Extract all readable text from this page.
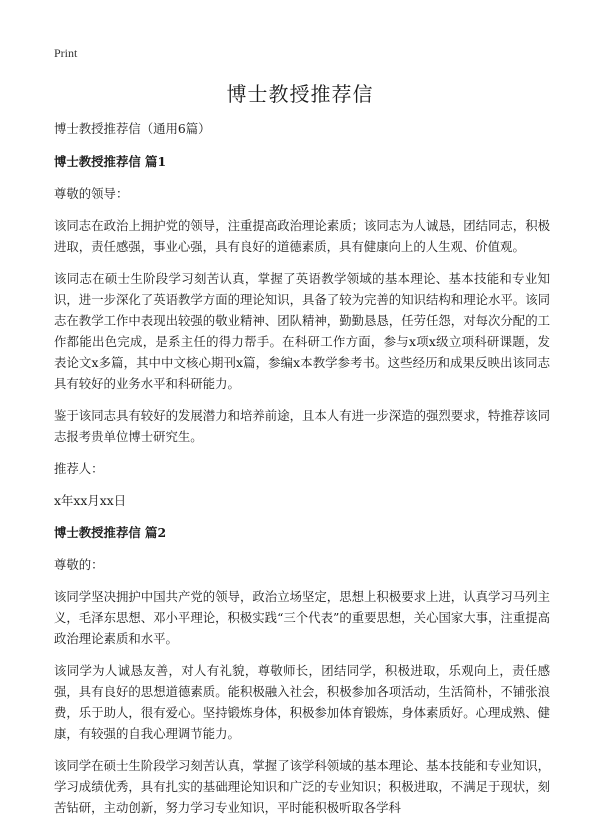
Print
博士教授推荐信

博士教授推荐信（通用6篇）

博士教授推荐信 篇1

尊敬的领导：

该同志在政治上拥护党的领导，注重提高政治理论素质；该同志为人诚恳，团结同志，积极进取，责任感强，事业心强，具有良好的道德素质，具有健康向上的人生观、价值观。

该同志在硕士生阶段学习刻苦认真，掌握了英语教学领域的基本理论、基本技能和专业知识，进一步深化了英语教学方面的理论知识，具备了较为完善的知识结构和理论水平。该同志在教学工作中表现出较强的敬业精神、团队精神，勤勤恳恳，任劳任怨，对每次分配的工作都能出色完成，是系主任的得力帮手。在科研工作方面，参与x项x级立项科研课题，发表论文x多篇，其中中文核心期刊x篇，参编x本教学参考书。这些经历和成果反映出该同志具有较好的业务水平和科研能力。

鉴于该同志具有较好的发展潜力和培养前途，且本人有进一步深造的强烈要求，特推荐该同志报考贵单位博士研究生。

推荐人：

x年xx月xx日

博士教授推荐信 篇2

尊敬的：

该同学坚决拥护中国共产党的领导，政治立场坚定，思想上积极要求上进，认真学习马列主义，毛泽东思想、邓小平理论，积极实践“三个代表”的重要思想，关心国家大事，注重提高政治理论素质和水平。

该同学为人诚恳友善，对人有礼貌，尊敬师长，团结同学，积极进取，乐观向上，责任感强，具有良好的思想道德素质。能积极融入社会，积极参加各项活动，生活简朴，不铺张浪费，乐于助人，很有爱心。坚持锻炼身体，积极参加体育锻炼，身体素质好。心理成熟、健康，有较强的自我心理调节能力。

该同学在硕士生阶段学习刻苦认真，掌握了该学科领域的基本理论、基本技能和专业知识，学习成绩优秀，具有扎实的基础理论知识和广泛的专业知识；积极进取，不满足于现状，刻苦钻研，主动创新，努力学习专业知识，平时能积极听取各学科
